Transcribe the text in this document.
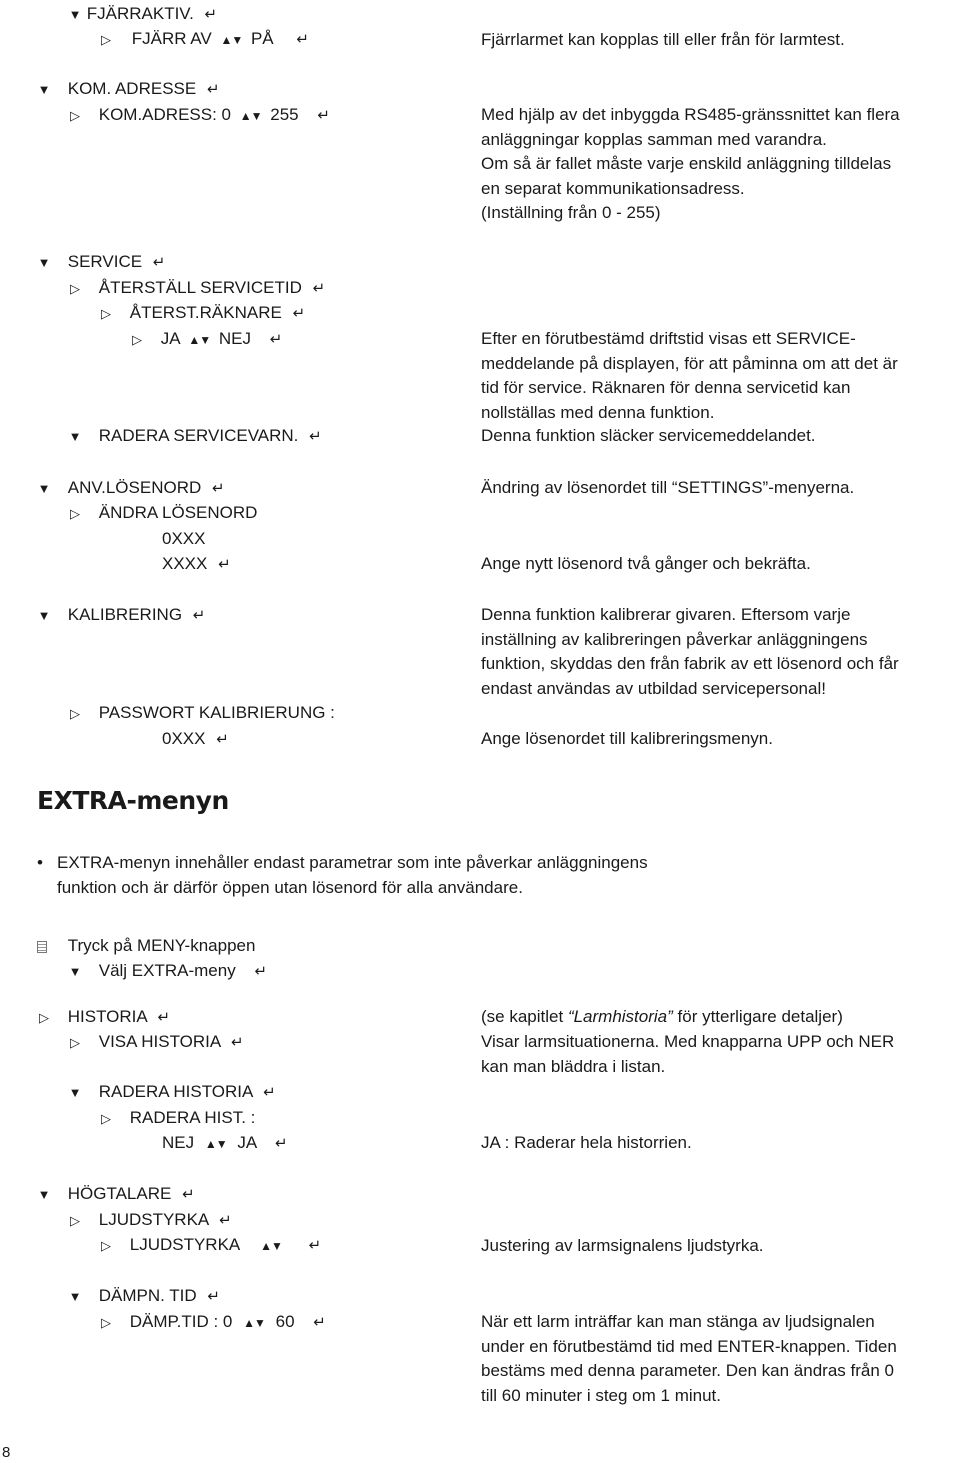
▼ FJÄRRAKTIV. ↵
▷ FJÄRR AV ▲▼ PÅ ↵
▼ KOM. ADRESSE ↵
▷ KOM.ADRESS: 0 ▲▼ 255 ↵
▼ SERVICE ↵
▷ ÅTERSTÄLL SERVICETID ↵
▷ ÅTERST.RÄKNARE ↵
▷ JA ▲▼ NEJ ↵
▼ RADERA SERVICEVARN. ↵
▼ ANV.LÖSENORD ↵
▷ ÄNDRA LÖSENORD
0XXX
XXXX ↵
▼ KALIBRERING ↵
▷ PASSWORT KALIBRIERUNG :
0XXX ↵
Fjärrlarmet kan kopplas till eller från för larmtest.
Med hjälp av det inbyggda RS485-gränssnittet kan flera
anläggningar kopplas samman med varandra.
Om så är fallet måste varje enskild anläggning tilldelas
en separat kommunikationsadress.
(Inställning från 0 - 255)
Efter en förutbestämd driftstid visas ett SERVICE-
meddelande på displayen, för att påminna om att det är
tid för service. Räknaren för denna servicetid kan
nollställas med denna funktion.
Denna funktion släcker servicemeddelandet.
Ändring av lösenordet till “SETTINGS”-menyerna.
Ange nytt lösenord två gånger och bekräfta.
Denna funktion kalibrerar givaren. Eftersom varje
inställning av kalibreringen påverkar anläggningens
funktion, skyddas den från fabrik av ett lösenord och får
endast användas av utbildad servicepersonal!
Ange lösenordet till kalibreringsmenyn.
EXTRA-menyn
• EXTRA-menyn innehåller endast parametrar som inte påverkar anläggningens
funktion och är därför öppen utan lösenord för alla användare.
Tryck på MENY-knappen
▼ Välj EXTRA-meny ↵
▷ HISTORIA ↵
▷ VISA HISTORIA ↵
▼ RADERA HISTORIA ↵
▷ RADERA HIST. :
NEJ ▲▼ JA ↵
▼ HÖGTALARE ↵
▷ LJUDSTYRKA ↵
▷ LJUDSTYRKA ▲▼ ↵
▼ DÄMPN. TID ↵
▷ DÄMP.TID : 0 ▲▼ 60 ↵
(se kapitlet “Larmhistoria” för ytterligare detaljer)
Visar larmsituationerna. Med knapparna UPP och NER
kan man bläddra i listan.
JA : Raderar hela historrien.
Justering av larmsignalens ljudstyrka.
När ett larm inträffar kan man stänga av ljudsignalen
under en förutbestämd tid med ENTER-knappen. Tiden
bestäms med denna parameter. Den kan ändras från 0
till 60 minuter i steg om 1 minut.
8
